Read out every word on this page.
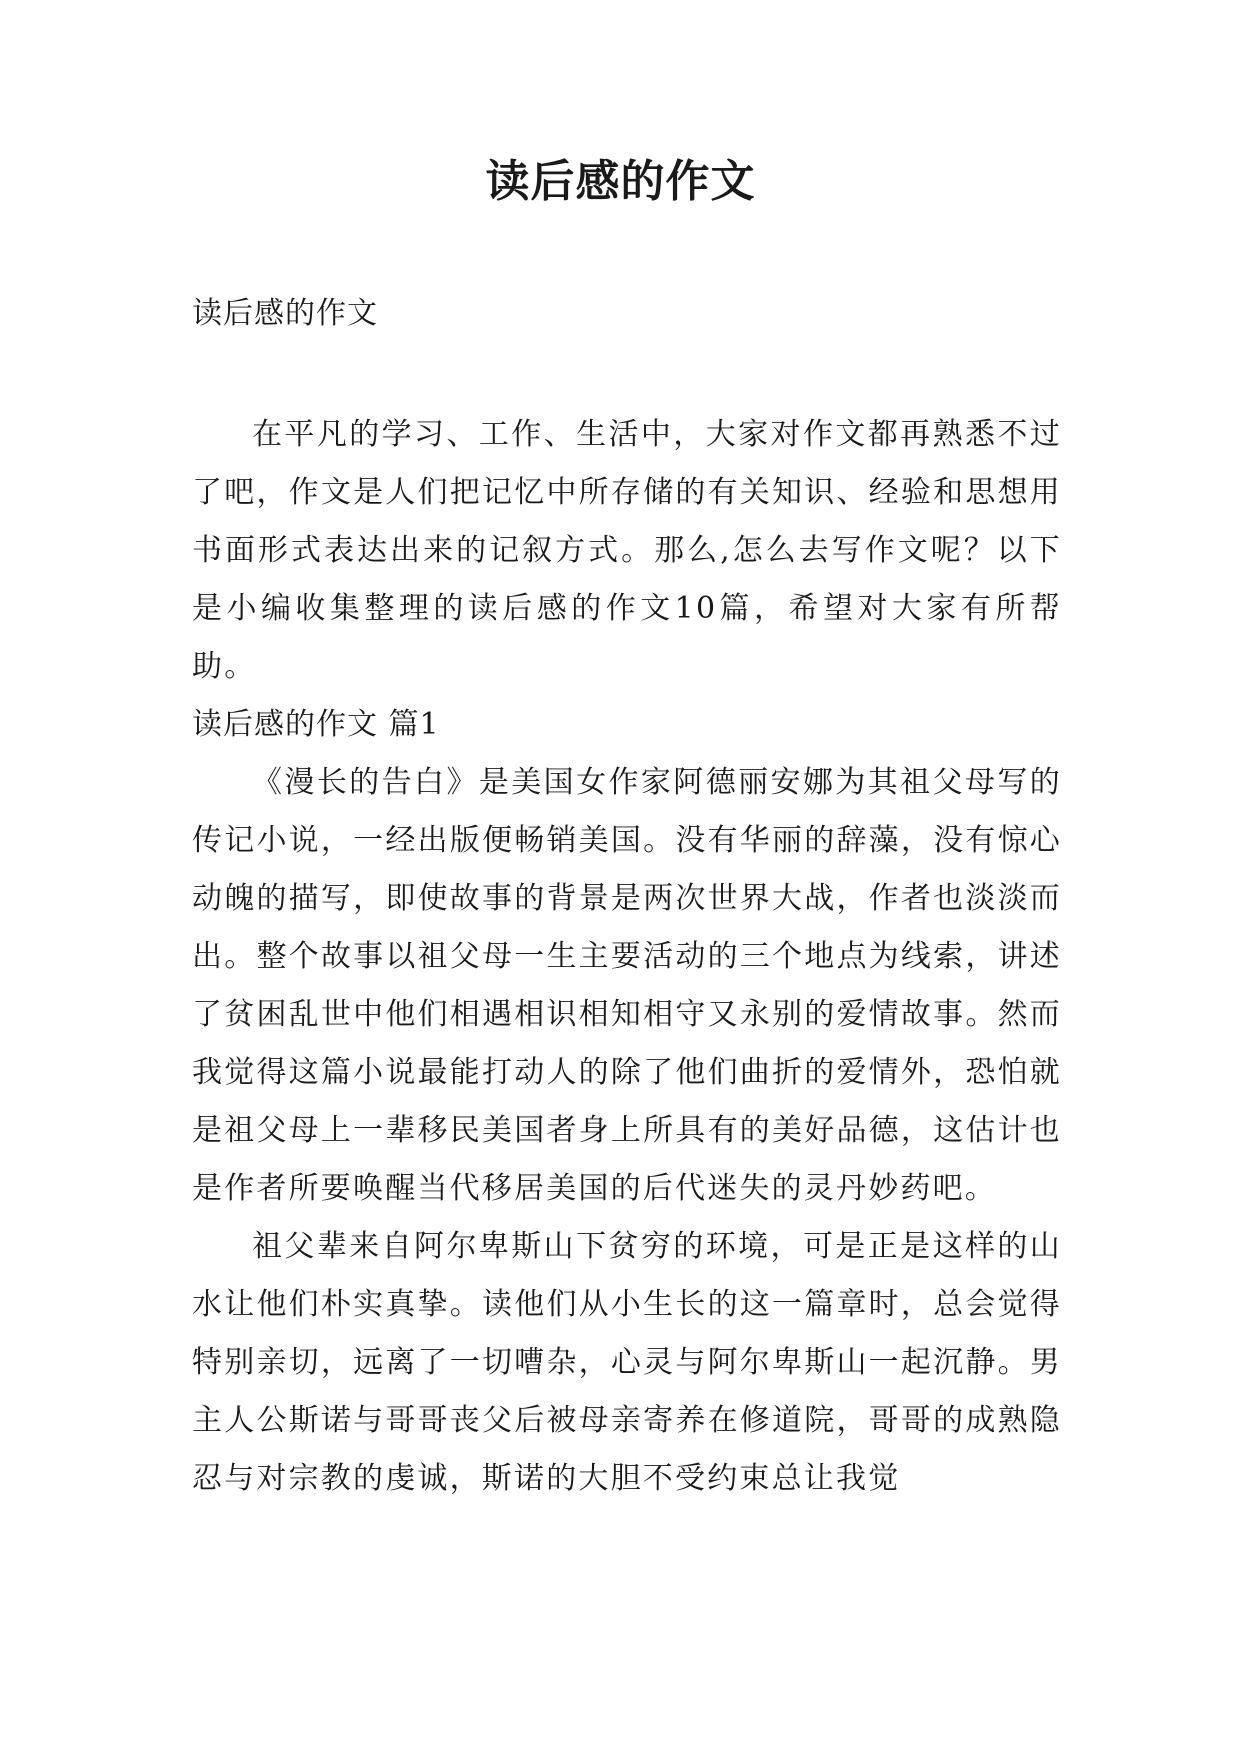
读后感的作文

读后感的作文

在平凡的学习、工作、生活中，大家对作文都再熟悉不过了吧，作文是人们把记忆中所存储的有关知识、经验和思想用书面形式表达出来的记叙方式。那么,怎么去写作文呢？以下是小编收集整理的读后感的作文10篇，希望对大家有所帮助。

读后感的作文 篇1

《漫长的告白》是美国女作家阿德丽安娜为其祖父母写的传记小说，一经出版便畅销美国。没有华丽的辞藻，没有惊心动魄的描写，即使故事的背景是两次世界大战，作者也淡淡而出。整个故事以祖父母一生主要活动的三个地点为线索，讲述了贫困乱世中他们相遇相识相知相守又永别的爱情故事。然而我觉得这篇小说最能打动人的除了他们曲折的爱情外，恐怕就是祖父母上一辈移民美国者身上所具有的美好品德，这估计也是作者所要唤醒当代移居美国的后代迷失的灵丹妙药吧。

祖父辈来自阿尔卑斯山下贫穷的环境，可是正是这样的山水让他们朴实真挚。读他们从小生长的这一篇章时，总会觉得特别亲切，远离了一切嘈杂，心灵与阿尔卑斯山一起沉静。男主人公斯诺与哥哥丧父后被母亲寄养在修道院，哥哥的成熟隐忍与对宗教的虔诚，斯诺的大胆不受约束总让我觉
